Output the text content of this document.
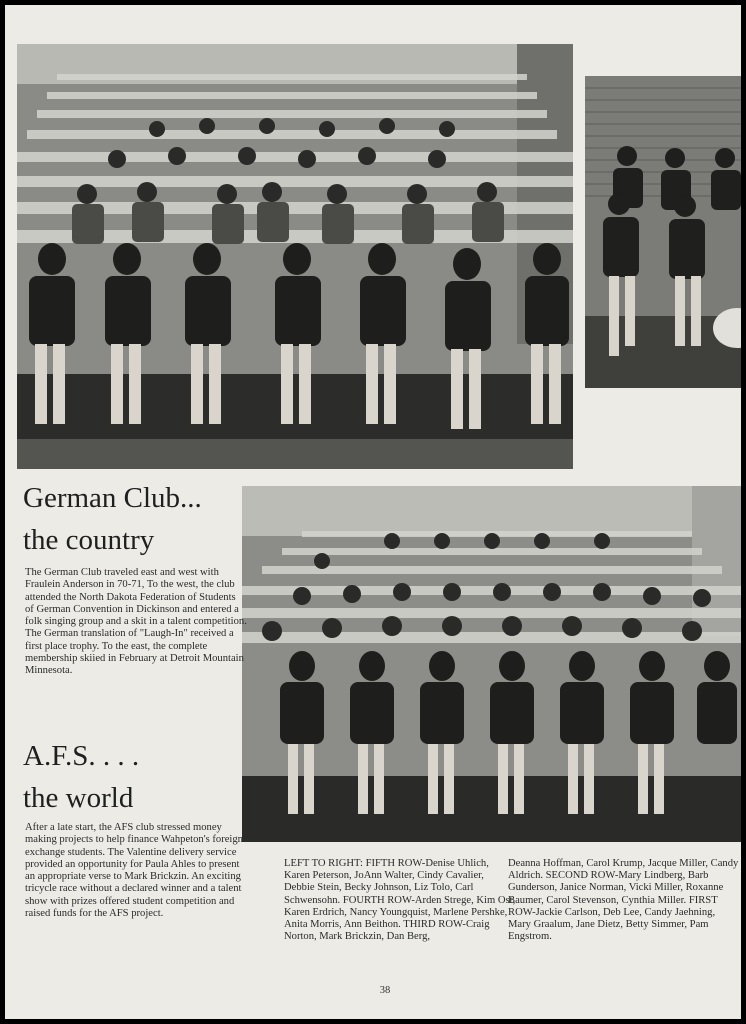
German Club...
the country

The German Club traveled east and west with Fraulein Anderson in 70-71, To the west, the club attended the North Dakota Federation of Students of German Convention in Dickinson and entered a folk singing group and a skit in a talent competition. The German translation of "Laugh-In" received a first place trophy. To the east, the complete membership skiied in February at Detroit Mountain Minnesota.

A.F.S. . . .
the world

After a late start, the AFS club stressed money making projects to help finance Wahpeton's foreign exchange students. The Valentine delivery service provided an opportunity for Paula Ahles to present an appropriate verse to Mark Brickzin. An exciting tricycle race without a declared winner and a talent show with prizes offered student competition and raised funds for the AFS project.

LEFT TO RIGHT: FIFTH ROW-Denise Uhlich, Karen Peterson, JoAnn Walter, Cindy Cavalier, Debbie Stein, Becky Johnson, Liz Tolo, Carl Schwensohn. FOURTH ROW-Arden Strege, Kim Ost, Karen Erdrich, Nancy Youngquist, Marlene Pershke, Anita Morris, Ann Beithon. THIRD ROW-Craig Norton, Mark Brickzin, Dan Berg,

Deanna Hoffman, Carol Krump, Jacque Miller, Candy Aldrich. SECOND ROW-Mary Lindberg, Barb Gunderson, Janice Norman, Vicki Miller, Roxanne Baumer, Carol Stevenson, Cynthia Miller. FIRST ROW-Jackie Carlson, Deb Lee, Candy Jaehning, Mary Graalum, Jane Dietz, Betty Simmer, Pam Engstrom.

38
